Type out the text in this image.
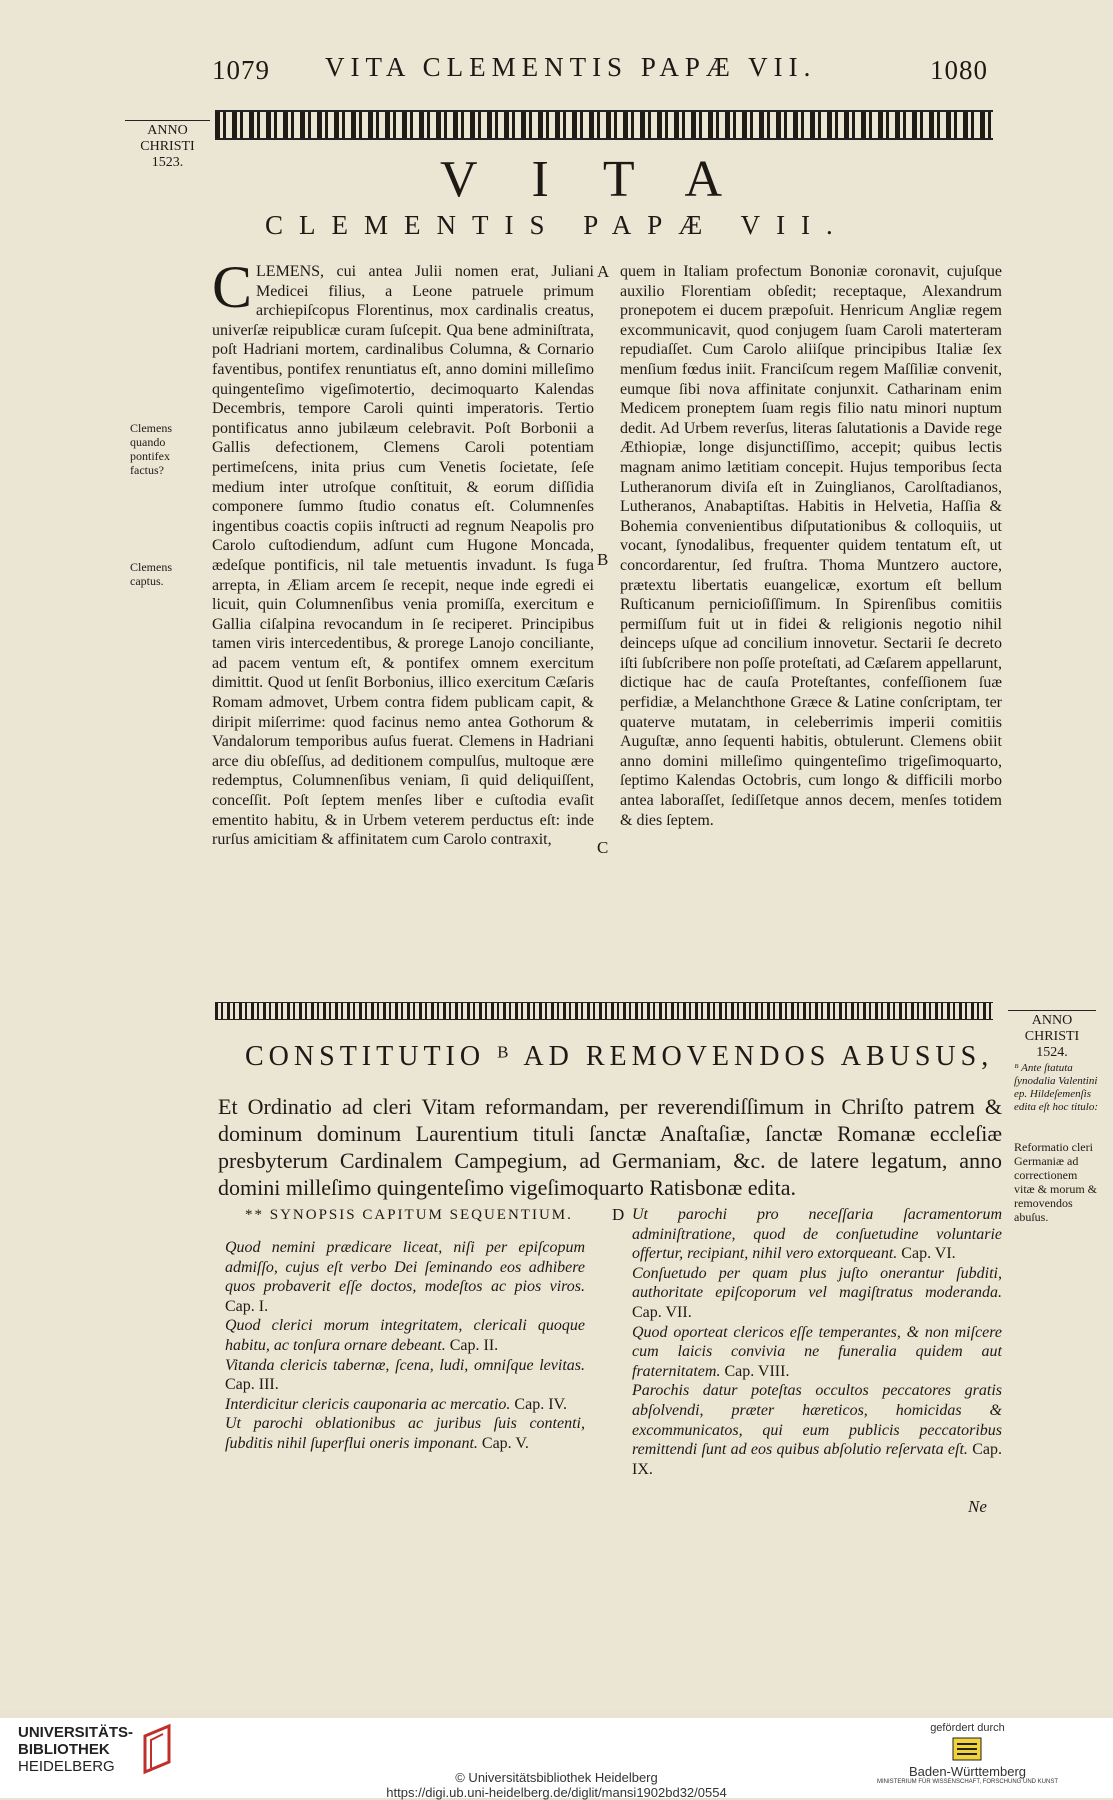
1079 VITA CLEMENTIS PAPÆ VII.	1080
ANNO
CHRISTI
1523.	VITA
CLEMENTIS PAPÆ VII.
Clemens quando pontifex factus?
Clemens captus.
CLEMENS, cui antea Julii nomen erat, Juliani Medicei filius, a Leone patruele primum archiepiſcopus Florentinus, mox cardinalis creatus, univerſæ reipublicæ curam ſuſcepit. Qua bene adminiſtrata, poſt Hadriani mortem, cardinalibus Columna, & Cornario faventibus, pontifex renuntiatus eſt, anno domini milleſimo quingenteſimo vigeſimotertio, decimoquarto Kalendas Decembris, tempore Caroli quinti imperatoris. Tertio pontificatus anno jubilæum celebravit. Poſt Borbonii a Gallis defectionem, Clemens Caroli potentiam pertimeſcens, inita prius cum Venetis ſocietate, ſeſe medium inter utroſque conſtituit, & eorum diſſidia componere ſummo ſtudio conatus eſt. Columnenſes ingentibus coactis copiis inſtructi ad regnum Neapolis pro Carolo cuſtodiendum, adſunt cum Hugone Moncada, ædeſque pontificis, nil tale metuentis invadunt. Is fuga arrepta, in Æliam arcem ſe recepit, neque inde egredi ei licuit, quin Columnenſibus venia promiſſa, exercitum e Gallia ciſalpina revocandum in ſe reciperet. Principibus tamen viris intercedentibus, & prorege Lanojo conciliante, ad pacem ventum eſt, & pontifex omnem exercitum dimittit. Quod ut ſenſit Borbonius, illico exercitum Cæſaris Romam admovet, Urbem contra fidem publicam capit, & diripit miſerrime: quod facinus nemo antea Gothorum & Vandalorum temporibus auſus fuerat. Clemens in Hadriani arce diu obſeſſus, ad deditionem compulſus, multoque ære redemptus, Columnenſibus veniam, ſi quid deliquiſſent, conceſſit. Poſt ſeptem menſes liber e cuſtodia evaſit ementito habitu, & in Urbem veterem perductus eſt: inde rurſus amicitiam & affinitatem cum Carolo contraxit,
A
B
C
quem in Italiam profectum Bononiæ coronavit, cujuſque auxilio Florentiam obſedit; receptaque, Alexandrum pronepotem ei ducem præpoſuit. Henricum Angliæ regem excommunicavit, quod conjugem ſuam Caroli materteram repudiaſſet. Cum Carolo aliiſque principibus Italiæ ſex menſium fœdus iniit. Franciſcum regem Maſſiliæ convenit, eumque ſibi nova affinitate conjunxit. Catharinam enim Medicem proneptem ſuam regis filio natu minori nuptum dedit. Ad Urbem reverſus, literas ſalutationis a Davide rege Æthiopiæ, longe disjunctiſſimo, accepit; quibus lectis magnam animo lætitiam concepit. Hujus temporibus ſecta Lutheranorum diviſa eſt in Zuinglianos, Carolſtadianos, Lutheranos, Anabaptiſtas. Habitis in Helvetia, Haſſia & Bohemia convenientibus diſputationibus & colloquiis, ut vocant, ſynodalibus, frequenter quidem tentatum eſt, ut concordarentur, ſed fruſtra. Thoma Muntzero auctore, prætextu libertatis euangelicæ, exortum eſt bellum Ruſticanum pernicioſiſſimum. In Spirenſibus comitiis permiſſum fuit ut in fidei & religionis negotio nihil deinceps uſque ad concilium innovetur. Sectarii ſe decreto iſti ſubſcribere non poſſe proteſtati, ad Cæſarem appellarunt, dictique hac de cauſa Proteſtantes, confeſſionem ſuæ perfidiæ, a Melanchthone Græce & Latine conſcriptam, ter quaterve mutatam, in celeberrimis imperii comitiis Auguſtæ, anno ſequenti habitis, obtulerunt. Clemens obiit anno domini milleſimo quingenteſimo trigeſimoquarto, ſeptimo Kalendas Octobris, cum longo & difficili morbo antea laboraſſet, ſediſſetque annos decem, menſes totidem & dies ſeptem.
ANNO
CHRISTI
1524.
ᴮ Ante ſtatuta ſynodalia Valentini ep. Hildeſemenſis edita eſt hoc titulo:
Reformatio cleri Germaniæ ad correctionem vitæ & morum & removendos abuſus.
CONSTITUTIO ᴮ AD REMOVENDOS ABUSUS,
Et Ordinatio ad cleri Vitam reformandam, per reverendiſſimum in Chriſto patrem & dominum dominum Laurentium tituli ſanctæ Anaſtaſiæ, ſanctæ Romanæ eccleſiæ presbyterum Cardinalem Campegium, ad Germaniam, &c. de latere legatum, anno domini milleſimo quingenteſimo vigeſimoquarto Ratisbonæ edita.
** SYNOPSIS CAPITUM SEQUENTIUM. D
Quod nemini prædicare liceat, niſi per epiſcopum admiſſo, cujus eſt verbo Dei ſeminando eos adhibere quos probaverit eſſe doctos, modeſtos ac pios viros. Cap. I.
Quod clerici morum integritatem, clericali quoque habitu, ac tonſura ornare debeant. Cap. II.
Vitanda clericis tabernæ, ſcena, ludi, omniſque levitas. Cap. III.
Interdicitur clericis cauponaria ac mercatio. Cap. IV.
Ut parochi oblationibus ac juribus ſuis contenti, ſubditis nihil ſuperflui oneris imponant. Cap. V.
Ut parochi pro neceſſaria ſacramentorum adminiſtratione, quod de conſuetudine voluntarie offertur, recipiant, nihil vero extorqueant. Cap. VI.
Conſuetudo per quam plus juſto onerantur ſubditi, authoritate epiſcoporum vel magiſtratus moderanda. Cap. VII.
Quod oporteat clericos eſſe temperantes, & non miſcere cum laicis convivia ne funeralia quidem aut fraternitatem. Cap. VIII.
Parochis datur poteſtas occultos peccatores gratis abſolvendi, præter hæreticos, homicidas & excommunicatos, qui eum publicis peccatoribus remittendi ſunt ad eos quibus abſolutio reſervata eſt. Cap. IX.
Ne
UNIVERSITÄTS-
BIBLIOTHEK
HEIDELBERG
© Universitätsbibliothek Heidelberg
https://digi.ub.uni-heidelberg.de/diglit/mansi1902bd32/0554
gefördert durch
Baden-Württemberg
MINISTERIUM FÜR WISSENSCHAFT, FORSCHUNG UND KUNST
